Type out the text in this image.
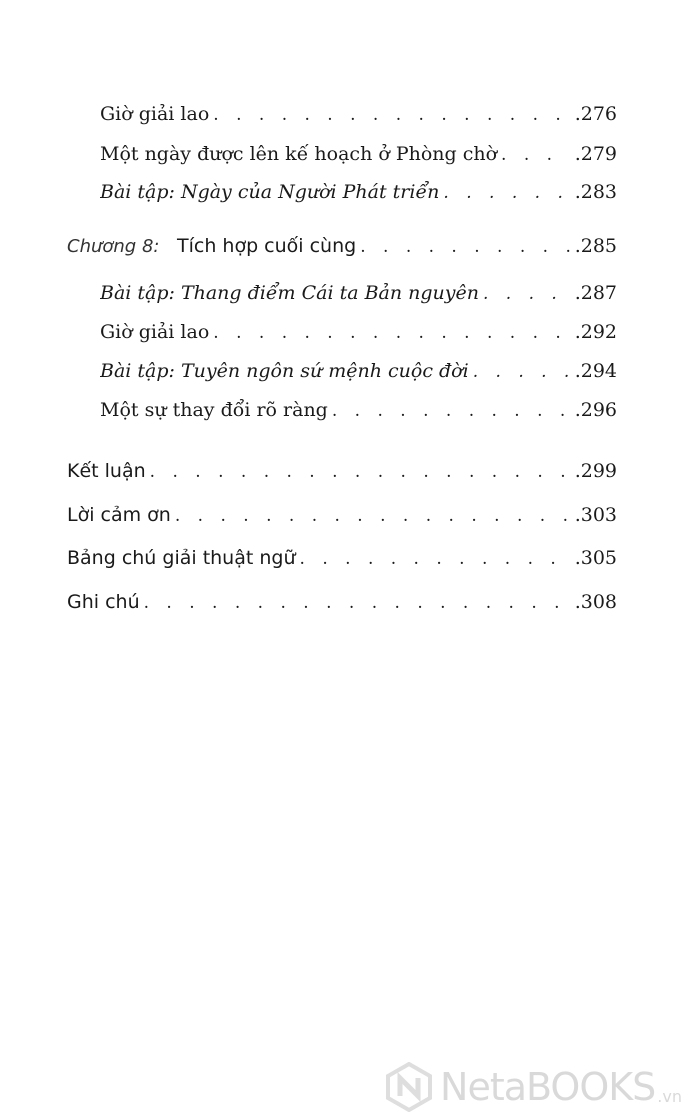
Giờ giải lao . . .	.276
Một ngày được lên kế hoạch ở Phòng chờ . . .	.279
Bài tập: Ngày của Người Phát triển . . .	.283
Chương 8: Tích hợp cuối cùng . . .	.285
Bài tập: Thang điểm Cái ta Bản nguyên . . .	.287
Giờ giải lao . . .	.292
Bài tập: Tuyên ngôn sứ mệnh cuộc đời . . .	.294
Một sự thay đổi rõ ràng . . .	.296
Kết luận . . .	.299
Lời cảm ơn . . .	.303
Bảng chú giải thuật ngữ . . .	.305
Ghi chú . . .	.308
NetaBOOKS .vn
